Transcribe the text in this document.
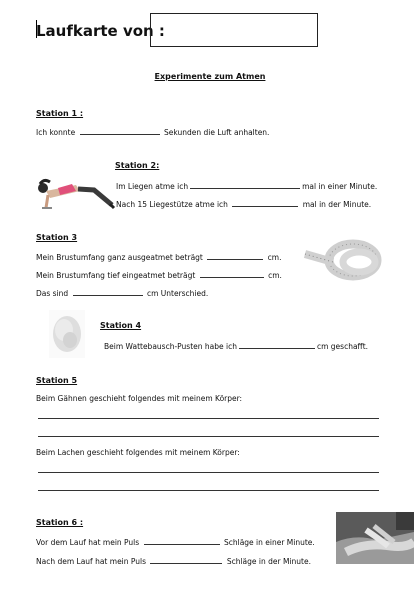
Laufkarte von :
Experimente zum Atmen
Station 1 :
Ich konnte	Sekunden die Luft anhalten.
Station 2:
Im Liegen atme ich	mal in einer Minute.
Nach 15 Liegestütze atme ich	mal in der Minute.
Station 3
Mein Brustumfang ganz ausgeatmet beträgt	cm.
Mein Brustumfang tief eingeatmet beträgt	cm.
Das sind	cm Unterschied.
Station 4
Beim Wattebausch-Pusten habe ich	cm geschafft.
Station 5
Beim Gähnen geschieht folgendes mit meinem Körper:
Beim Lachen geschieht folgendes mit meinem Körper:
Station 6 :
Vor dem Lauf hat mein Puls	Schläge in einer Minute.
Nach dem Lauf hat mein Puls	Schläge in der Minute.
